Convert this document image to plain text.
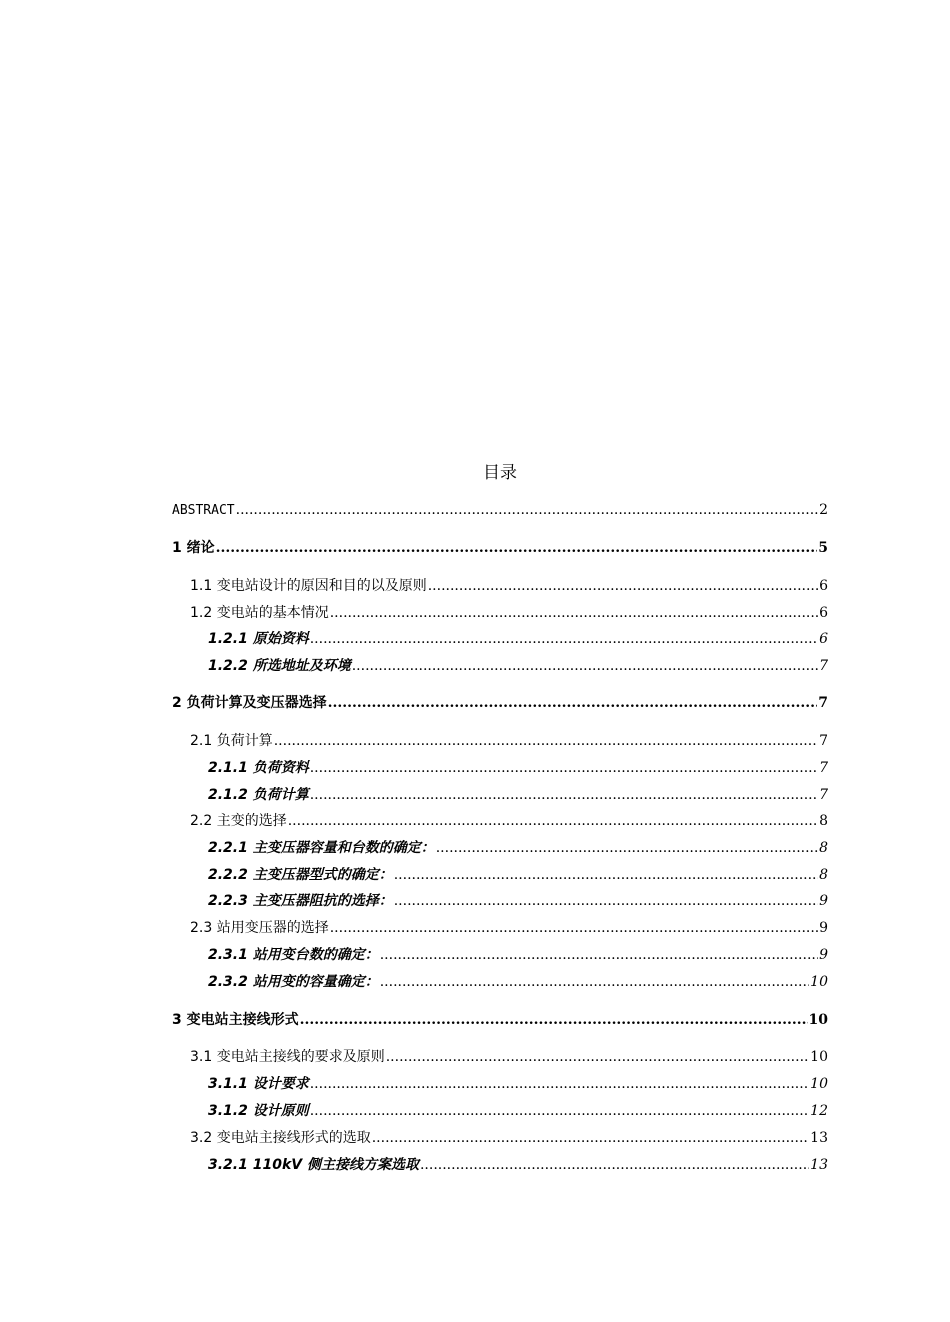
目录
ABSTRACT .....	2
1 绪论 .....	5
1.1 变电站设计的原因和目的以及原则 .....	6
1.2 变电站的基本情况 .....	6
1.2.1 原始资料 .....	6
1.2.2 所选地址及环境 .....	7
2 负荷计算及变压器选择 .....	7
2.1 负荷计算 .....	7
2.1.1 负荷资料 .....	7
2.1.2 负荷计算 .....	7
2.2 主变的选择 .....	8
2.2.1 主变压器容量和台数的确定： .....	8
2.2.2 主变压器型式的确定： .....	8
2.2.3 主变压器阻抗的选择： .....	9
2.3 站用变压器的选择 .....	9
2.3.1 站用变台数的确定： .....	9
2.3.2 站用变的容量确定： .....	10
3 变电站主接线形式 .....	10
3.1 变电站主接线的要求及原则 .....	10
3.1.1 设计要求 .....	10
3.1.2 设计原则 .....	12
3.2 变电站主接线形式的选取 .....	13
3.2.1 110kV 侧主接线方案选取 .....	13
